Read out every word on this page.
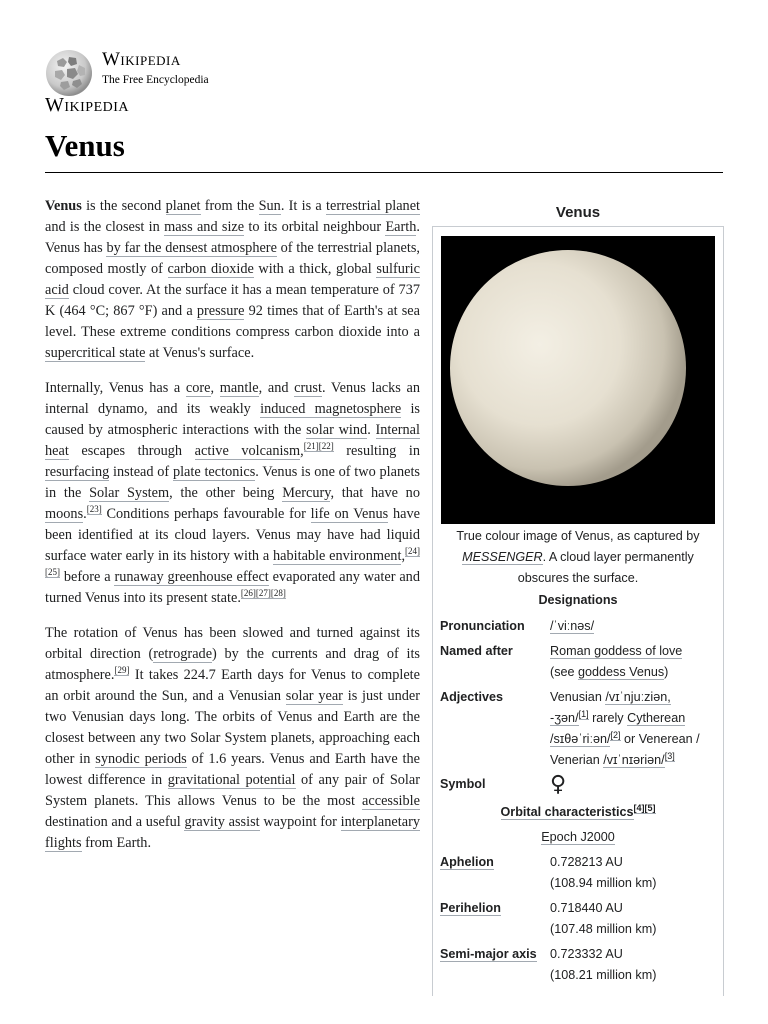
Wikipedia
The Free Encyclopedia
Wikipedia
Venus

Venus is the second planet from the Sun. It is a terrestrial planet and is the closest in mass and size to its orbital neighbour Earth. Venus has by far the densest atmosphere of the terrestrial planets, composed mostly of carbon dioxide with a thick, global sulfuric acid cloud cover. At the surface it has a mean temperature of 737 K (464 °C; 867 °F) and a pressure 92 times that of Earth's at sea level. These extreme conditions compress carbon dioxide into a supercritical state at Venus's surface.

Internally, Venus has a core, mantle, and crust. Venus lacks an internal dynamo, and its weakly induced magnetosphere is caused by atmospheric interactions with the solar wind. Internal heat escapes through active volcanism,[21][22] resulting in resurfacing instead of plate tectonics. Venus is one of two planets in the Solar System, the other being Mercury, that have no moons.[23] Conditions perhaps favourable for life on Venus have been identified at its cloud layers. Venus may have had liquid surface water early in its history with a habitable environment,[24][25] before a runaway greenhouse effect evaporated any water and turned Venus into its present state.[26][27][28]

The rotation of Venus has been slowed and turned against its orbital direction (retrograde) by the currents and drag of its atmosphere.[29] It takes 224.7 Earth days for Venus to complete an orbit around the Sun, and a Venusian solar year is just under two Venusian days long. The orbits of Venus and Earth are the closest between any two Solar System planets, approaching each other in synodic periods of 1.6 years. Venus and Earth have the lowest difference in gravitational potential of any pair of Solar System planets. This allows Venus to be the most accessible destination and a useful gravity assist waypoint for interplanetary flights from Earth.

Venus
True colour image of Venus, as captured by
MESSENGER. A cloud layer permanently
obscures the surface.
Designations
Pronunciation	/ˈviːnəs/
Named after	Roman goddess of love
(see goddess Venus)
Adjectives	Venusian /vɪˈnjuːziən,
-ʒən/[1] rarely Cytherean
/sɪθəˈriːən/[2] or Venerean /
Venerian /vɪˈnɪəriən/[3]
Symbol	♀
Orbital characteristics[4][5]
Epoch J2000
Aphelion	0.728213 AU
(108.94 million km)
Perihelion	0.718440 AU
(107.48 million km)
Semi-major axis	0.723332 AU
(108.21 million km)
